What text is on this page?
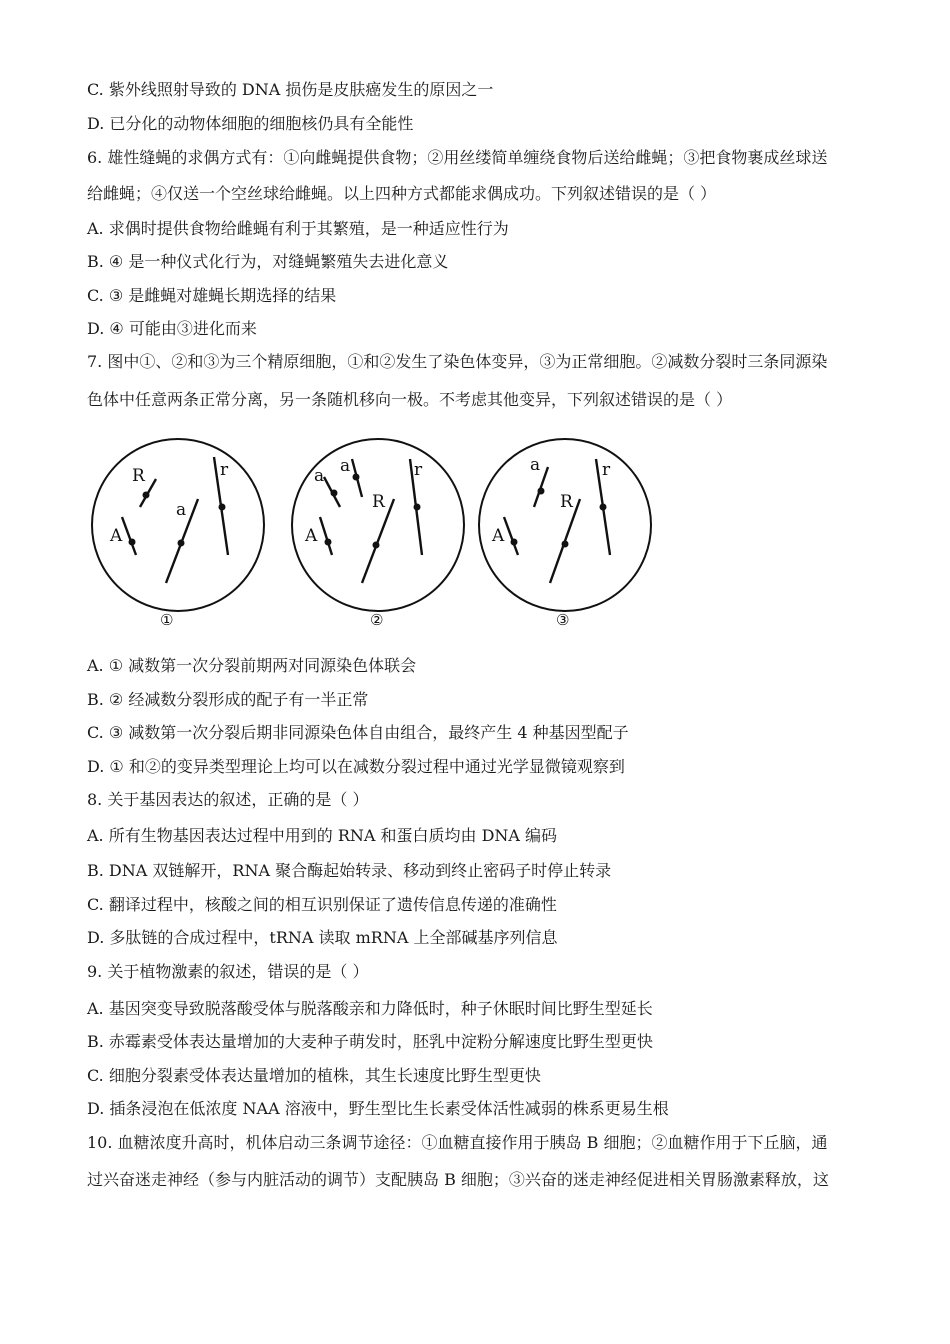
C. 紫外线照射导致的 DNA 损伤是皮肤癌发生的原因之一
D. 已分化的动物体细胞的细胞核仍具有全能性
6. 雄性缝蝇的求偶方式有：①向雌蝇提供食物；②用丝缕简单缠绕食物后送给雌蝇；③把食物裹成丝球送
给雌蝇；④仅送一个空丝球给雌蝇。以上四种方式都能求偶成功。下列叙述错误的是（ ）
A. 求偶时提供食物给雌蝇有利于其繁殖，是一种适应性行为
B. ④ 是一种仪式化行为，对缝蝇繁殖失去进化意义
C. ③ 是雌蝇对雄蝇长期选择的结果
D. ④ 可能由③进化而来
7. 图中①、②和③为三个精原细胞，①和②发生了染色体变异，③为正常细胞。②减数分裂时三条同源染
色体中任意两条正常分离，另一条随机移向一极。不考虑其他变异，下列叙述错误的是（ ）
R
A
a
r
①
a a
R
A
r
②
a
R
A
r
③
A. ① 减数第一次分裂前期两对同源染色体联会
B. ② 经减数分裂形成的配子有一半正常
C. ③ 减数第一次分裂后期非同源染色体自由组合，最终产生 4 种基因型配子
D. ① 和②的变异类型理论上均可以在减数分裂过程中通过光学显微镜观察到
8. 关于基因表达的叙述，正确的是（ ）
A. 所有生物基因表达过程中用到的 RNA 和蛋白质均由 DNA 编码
B. DNA 双链解开，RNA 聚合酶起始转录、移动到终止密码子时停止转录
C. 翻译过程中，核酸之间的相互识别保证了遗传信息传递的准确性
D. 多肽链的合成过程中，tRNA 读取 mRNA 上全部碱基序列信息
9. 关于植物激素的叙述，错误的是（ ）
A. 基因突变导致脱落酸受体与脱落酸亲和力降低时，种子休眠时间比野生型延长
B. 赤霉素受体表达量增加的大麦种子萌发时，胚乳中淀粉分解速度比野生型更快
C. 细胞分裂素受体表达量增加的植株，其生长速度比野生型更快
D. 插条浸泡在低浓度 NAA 溶液中，野生型比生长素受体活性减弱的株系更易生根
10. 血糖浓度升高时，机体启动三条调节途径：①血糖直接作用于胰岛 B 细胞；②血糖作用于下丘脑，通
过兴奋迷走神经（参与内脏活动的调节）支配胰岛 B 细胞；③兴奋的迷走神经促进相关胃肠激素释放，这
